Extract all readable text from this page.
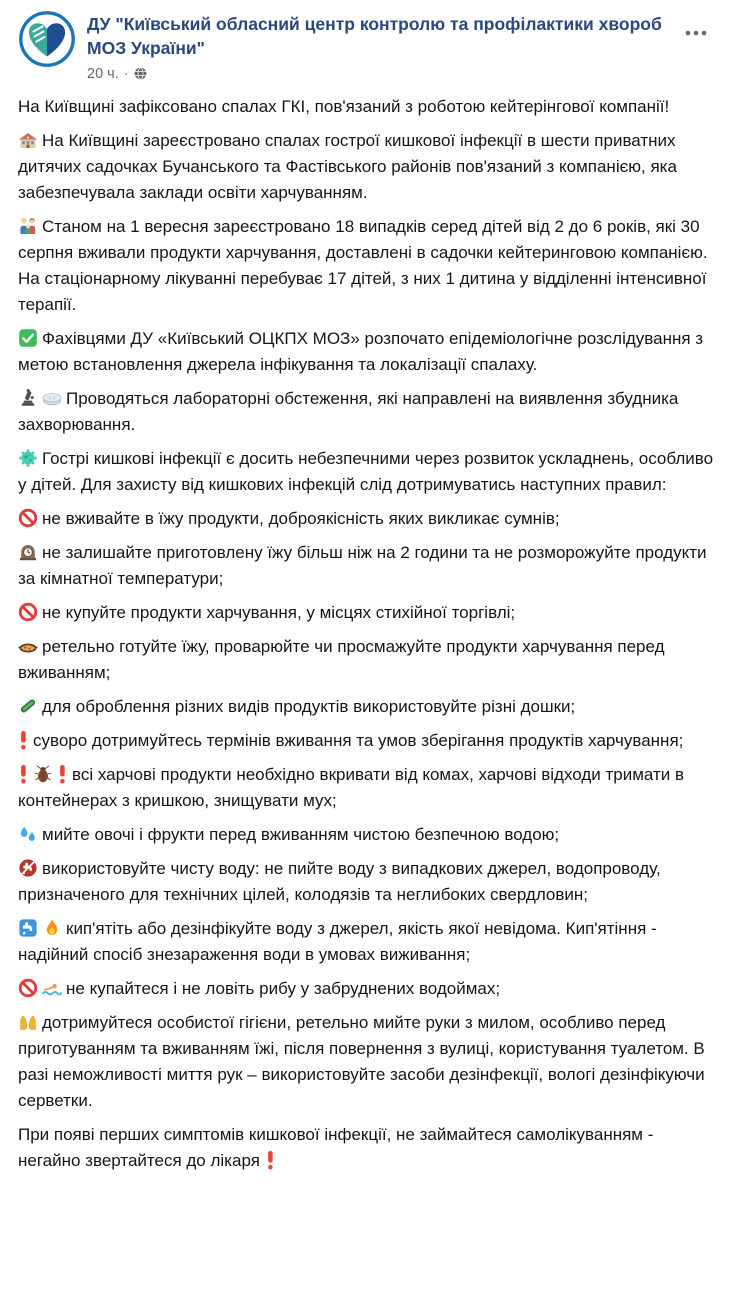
ДУ "Київський обласний центр контролю та профілактики хвороб МОЗ України"
20 ч. ·

На Київщині зафіксовано спалах ГКІ, пов'язаний з роботою кейтерінгової компанії!

На Київщині зареєстровано спалах гострої кишкової інфекції в шести приватних дитячих садочках Бучанського та Фастівського районів пов'язаний з компанією, яка забезпечувала заклади освіти харчуванням.

Станом на 1 вересня зареєстровано 18 випадків серед дітей від 2 до 6 років, які 30 серпня вживали продукти харчування, доставлені в садочки кейтеринговою компанією. На стаціонарному лікуванні перебуває 17 дітей, з них 1 дитина у відділенні інтенсивної терапії.

Фахівцями ДУ «Київський ОЦКПХ МОЗ» розпочато епідеміологічне розслідування з метою встановлення джерела інфікування та локалізації спалаху.

Проводяться лабораторні обстеження, які направлені на виявлення збудника захворювання.

Гострі кишкові інфекції є досить небезпечними через розвиток ускладнень, особливо у дітей. Для захисту від кишкових інфекцій слід дотримуватись наступних правил:

не вживайте в їжу продукти, доброякісність яких викликає сумнів;

не залишайте приготовлену їжу більш ніж на 2 години та не розморожуйте продукти за кімнатної температури;

не купуйте продукти харчування, у місцях стихійної торгівлі;

ретельно готуйте їжу, проварюйте чи просмажуйте продукти харчування перед вживанням;

для оброблення різних видів продуктів використовуйте різні дошки;

суворо дотримуйтесь термінів вживання та умов зберігання продуктів харчування;

всі харчові продукти необхідно вкривати від комах, харчові відходи тримати в контейнерах з кришкою, знищувати мух;

мийте овочі і фрукти перед вживанням чистою безпечною водою;

використовуйте чисту воду: не пийте воду з випадкових джерел, водопроводу, призначеного для технічних цілей, колодязів та неглибоких свердловин;

кип'ятіть або дезінфікуйте воду з джерел, якість якої невідома. Кип'ятіння - надійний спосіб знезараження води в умовах виживання;

не купайтеся і не ловіть рибу у забруднених водоймах;

дотримуйтеся особистої гігієни, ретельно мийте руки з милом, особливо перед приготуванням та вживанням їжі, після повернення з вулиці, користування туалетом. В разі неможливості миття рук – використовуйте засоби дезінфекції, вологі дезінфікуючи серветки.

При появі перших симптомів кишкової інфекції, не займайтеся самолікуванням - негайно звертайтеся до лікаря
